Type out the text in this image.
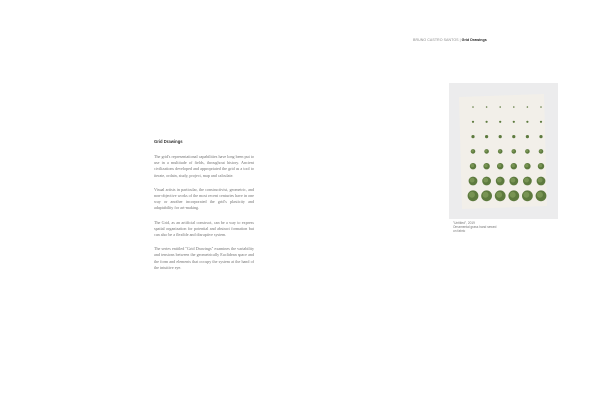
BRUNO CASTRO SANTOS|Grid Drawings
Grid Drawings

The grid's representational capabilities have long been put to use in a multitude of fields, throughout history. Ancient civilizations developed and appropriated the grid as a tool to iterate, ordain, study, project, map and calculate.

Visual artists in particular, the constructivist, geometric, and non-objective works of the most recent centuries have in one way or another incorporated the grid's plasticity and adaptability for art-making.

The Grid, as an artificial construct, can be a way to express spatial organization for potential and abstract formation but can also be a flexible and disruptive system.

The series entitled "Grid Drawings" examines the variability and tensions between the geometrically Euclidean space and the form and elements that occupy the system at the hand of the intuitive eye.

"Untitled", 2019
Ornamental grass hand sewed
on fabric
